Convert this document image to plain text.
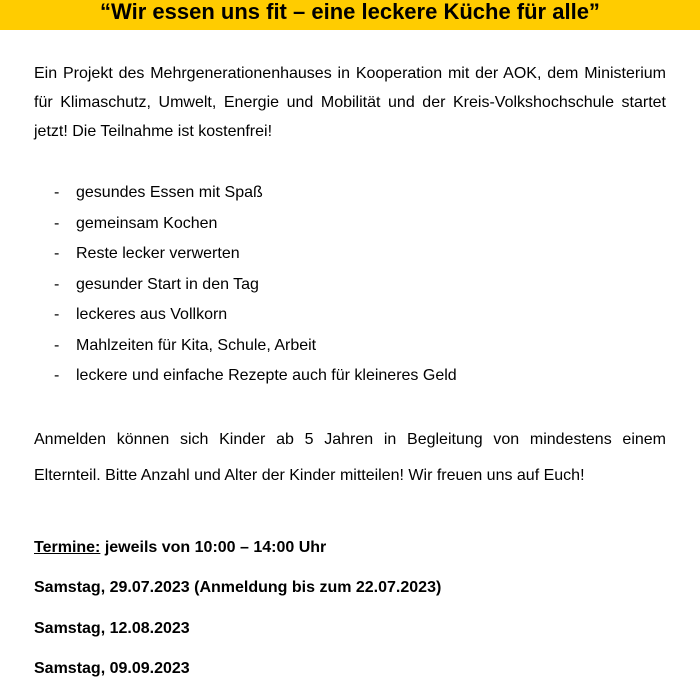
“Wir essen uns fit – eine leckere Küche für alle”

Ein Projekt des Mehrgenerationenhauses in Kooperation mit der AOK, dem Ministerium für Klimaschutz, Umwelt, Energie und Mobilität und der Kreis-Volkshochschule startet jetzt! Die Teilnahme ist kostenfrei!

-	gesundes Essen mit Spaß
-	gemeinsam Kochen
-	Reste lecker verwerten
-	gesunder Start in den Tag
-	leckeres aus Vollkorn
-	Mahlzeiten für Kita, Schule, Arbeit
-	leckere und einfache Rezepte auch für kleineres Geld

Anmelden können sich Kinder ab 5 Jahren in Begleitung von mindestens einem Elternteil. Bitte Anzahl und Alter der Kinder mitteilen! Wir freuen uns auf Euch!

Termine: jeweils von 10:00 – 14:00 Uhr

Samstag, 29.07.2023 (Anmeldung bis zum 22.07.2023)

Samstag, 12.08.2023

Samstag, 09.09.2023
